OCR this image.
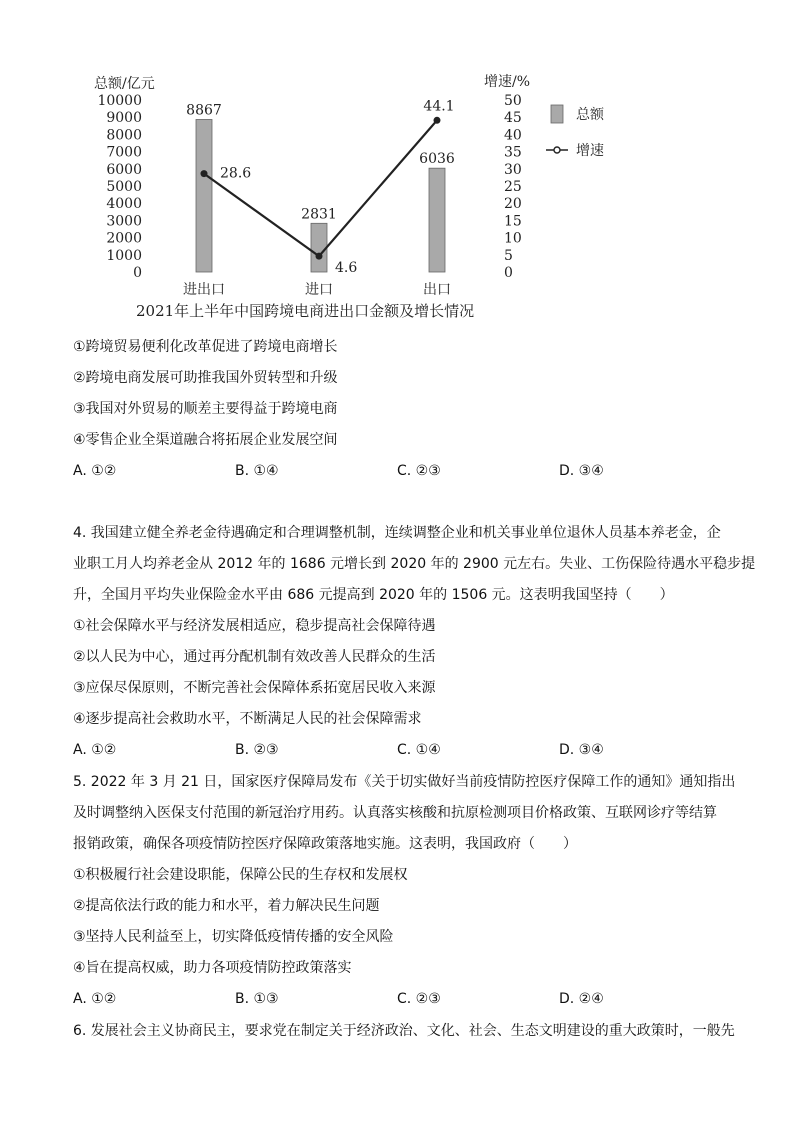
总额/亿元	增速/%
0
1000
2000
3000
4000
5000
6000
7000
8000
9000
10000
0
5
10
15
20
25
30
35
40
45
50
8867
2831
6036
28.6
4.6
44.1
进出口	进口	出口
2021年上半年中国跨境电商进出口金额及增长情况
总额
增速
①跨境贸易便利化改革促进了跨境电商增长
②跨境电商发展可助推我国外贸转型和升级
③我国对外贸易的顺差主要得益于跨境电商
④零售企业全渠道融合将拓展企业发展空间
A. ①②	B. ①④	C. ②③	D. ③④
4. 我国建立健全养老金待遇确定和合理调整机制，连续调整企业和机关事业单位退休人员基本养老金，企
业职工月人均养老金从 2012 年的 1686 元增长到 2020 年的 2900 元左右。失业、工伤保险待遇水平稳步提
升，全国月平均失业保险金水平由 686 元提高到 2020 年的 1506 元。这表明我国坚持（　　）
①社会保障水平与经济发展相适应，稳步提高社会保障待遇
②以人民为中心，通过再分配机制有效改善人民群众的生活
③应保尽保原则，不断完善社会保障体系拓宽居民收入来源
④逐步提高社会救助水平，不断满足人民的社会保障需求
A. ①②	B. ②③	C. ①④	D. ③④
5. 2022 年 3 月 21 日，国家医疗保障局发布《关于切实做好当前疫情防控医疗保障工作的通知》通知指出
及时调整纳入医保支付范围的新冠治疗用药。认真落实核酸和抗原检测项目价格政策、互联网诊疗等结算
报销政策，确保各项疫情防控医疗保障政策落地实施。这表明，我国政府（　　）
①积极履行社会建设职能，保障公民的生存权和发展权
②提高依法行政的能力和水平，着力解决民生问题
③坚持人民利益至上，切实降低疫情传播的安全风险
④旨在提高权威，助力各项疫情防控政策落实
A. ①②	B. ①③	C. ②③	D. ②④
6. 发展社会主义协商民主，要求党在制定关于经济政治、文化、社会、生态文明建设的重大政策时，一般先
